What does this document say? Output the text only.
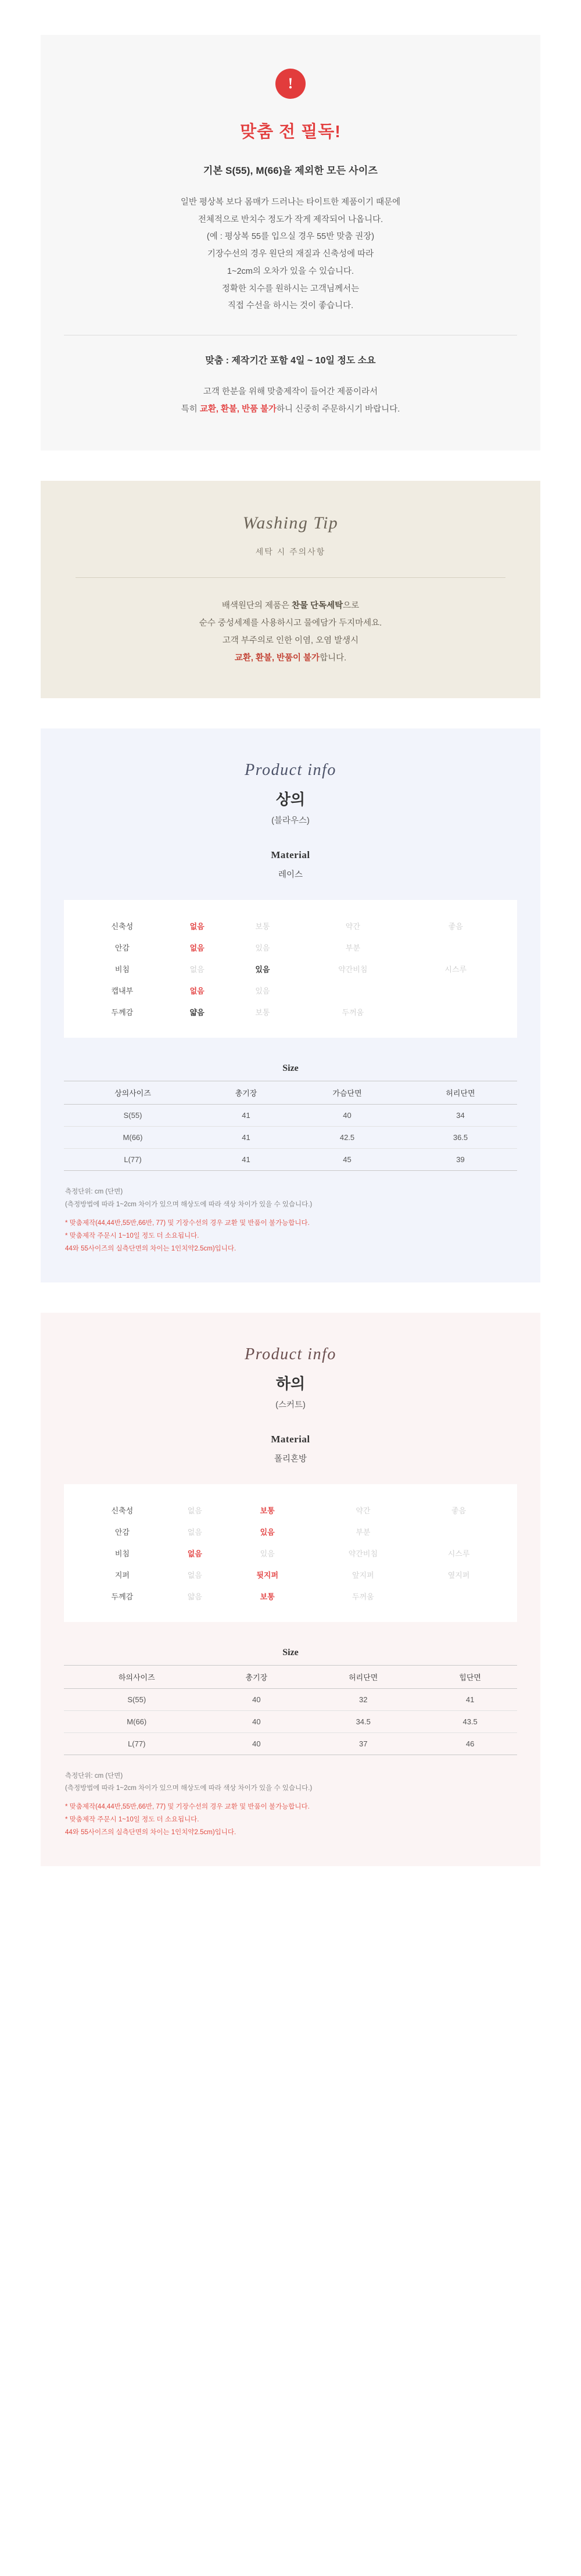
!
맞춤 전 필독!
기본 S(55), M(66)을 제외한 모든 사이즈
일반 평상복 보다 몸매가 드러나는 타이트한 제품이기 때문에
전체적으로 반치수 정도가 작게 제작되어 나옵니다.
(예 : 평상복 55를 입으실 경우 55반 맞춤 권장)
기장수선의 경우 원단의 재질과 신축성에 따라
1~2cm의 오차가 있을 수 있습니다.
정확한 치수를 원하시는 고객님께서는
직접 수선을 하시는 것이 좋습니다.
맞춤 : 제작기간 포함 4일 ~ 10일 정도 소요
고객 한분을 위해 맞춤제작이 들어간 제품이라서
특히 교환, 환불, 반품 불가하니 신중히 주문하시기 바랍니다.
Washing Tip
세탁 시 주의사항
배색원단의 제품은 찬물 단독세탁으로
순수 중성세제를 사용하시고 물에담가 두지마세요.
고객 부주의로 인한 이염, 오염 발생시
교환, 환불, 반품이 불가합니다.
Product info
상의
(블라우스)
Material
레이스
신축성	없음	보통	약간	좋음
안감	없음	있음	부분	
비침	없음	있음	약간비침	시스루
캡내부	없음	있음		
두께감	얇음	보통	두꺼움	
Size
상의사이즈	총기장	가슴단면	허리단면
S(55)	41	40	34
M(66)	41	42.5	36.5
L(77)	41	45	39
측정단위: cm (단면)
(측정방법에 따라 1~2cm 차이가 있으며 해상도에 따라 색상 차이가 있을 수 있습니다.)
* 맞춤제작(44,44반,55반,66반, 77) 및 기장수선의 경우 교환 및 반품이 불가능합니다.
* 맞춤제작 주문시 1~10일 정도 더 소요됩니다.
44와 55사이즈의 실측단면의 차이는 1인치약2.5cm)입니다.
Product info
하의
(스커트)
Material
폴리혼방
신축성	없음	보통	약간	좋음
안감	없음	있음	부분	
비침	없음	있음	약간비침	시스루
지퍼	없음	뒷지퍼	앞지퍼	옆지퍼
두께감	얇음	보통	두꺼움	
Size
하의사이즈	총기장	허리단면	힙단면
S(55)	40	32	41
M(66)	40	34.5	43.5
L(77)	40	37	46
측정단위: cm (단면)
(측정방법에 따라 1~2cm 차이가 있으며 해상도에 따라 색상 차이가 있을 수 있습니다.)
* 맞춤제작(44,44반,55반,66반, 77) 및 기장수선의 경우 교환 및 반품이 불가능합니다.
* 맞춤제작 주문시 1~10일 정도 더 소요됩니다.
44와 55사이즈의 실측단면의 차이는 1인치약2.5cm)입니다.
